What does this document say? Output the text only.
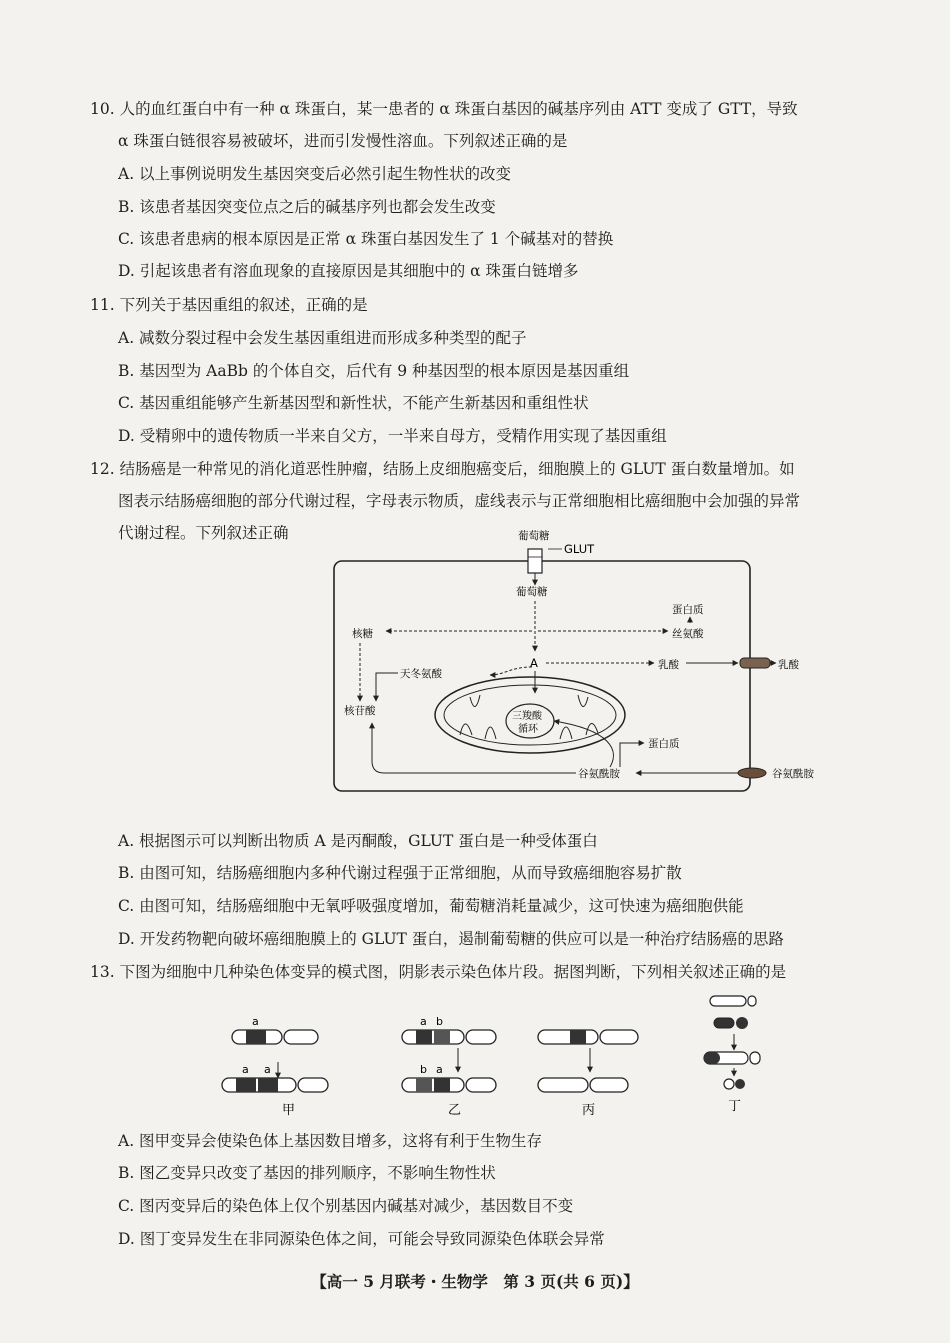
10. 人的血红蛋白中有一种 α 珠蛋白，某一患者的 α 珠蛋白基因的碱基序列由 ATT 变成了 GTT，导致
α 珠蛋白链很容易被破坏，进而引发慢性溶血。下列叙述正确的是
A. 以上事例说明发生基因突变后必然引起生物性状的改变
B. 该患者基因突变位点之后的碱基序列也都会发生改变
C. 该患者患病的根本原因是正常 α 珠蛋白基因发生了 1 个碱基对的替换
D. 引起该患者有溶血现象的直接原因是其细胞中的 α 珠蛋白链增多
11. 下列关于基因重组的叙述，正确的是
A. 减数分裂过程中会发生基因重组进而形成多种类型的配子
B. 基因型为 AaBb 的个体自交，后代有 9 种基因型的根本原因是基因重组
C. 基因重组能够产生新基因型和新性状，不能产生新基因和重组性状
D. 受精卵中的遗传物质一半来自父方，一半来自母方，受精作用实现了基因重组
12. 结肠癌是一种常见的消化道恶性肿瘤，结肠上皮细胞癌变后，细胞膜上的 GLUT 蛋白数量增加。如
图表示结肠癌细胞的部分代谢过程，字母表示物质，虚线表示与正常细胞相比癌细胞中会加强的异常
代谢过程。下列叙述正确	葡萄糖
GLUT
葡萄糖
核糖	丝氨酸
蛋白质
A	乳酸	乳酸
天冬氨酸
核苷酸	三羧酸
循环
谷氨酰胺	谷氨酰胺
蛋白质
A. 根据图示可以判断出物质 A 是丙酮酸，GLUT 蛋白是一种受体蛋白
B. 由图可知，结肠癌细胞内多种代谢过程强于正常细胞，从而导致癌细胞容易扩散
C. 由图可知，结肠癌细胞中无氧呼吸强度增加，葡萄糖消耗量减少，这可快速为癌细胞供能
D. 开发药物靶向破坏癌细胞膜上的 GLUT 蛋白，遏制葡萄糖的供应可以是一种治疗结肠癌的思路
13. 下图为细胞中几种染色体变异的模式图，阴影表示染色体片段。据图判断，下列相关叙述正确的是
a
a a
甲
a b
b a
乙	丙	丁
A. 图甲变异会使染色体上基因数目增多，这将有利于生物生存
B. 图乙变异只改变了基因的排列顺序，不影响生物性状
C. 图丙变异后的染色体上仅个别基因内碱基对减少，基因数目不变
D. 图丁变异发生在非同源染色体之间，可能会导致同源染色体联会异常
【高一 5 月联考・生物学　第 3 页(共 6 页)】
